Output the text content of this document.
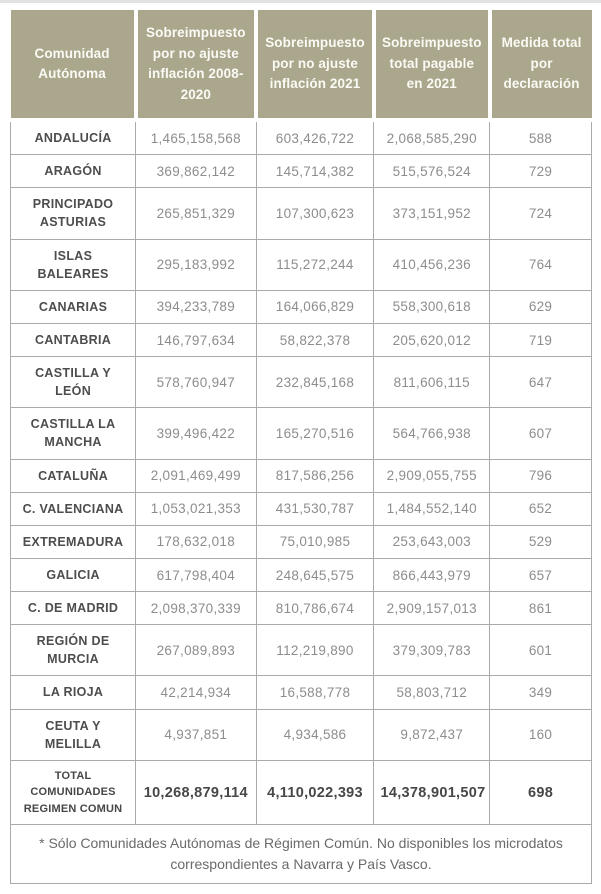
Comunidad Autónoma	Sobreimpuesto por no ajuste inflación 2008-2020	Sobreimpuesto por no ajuste inflación 2021	Sobreimpuesto total pagable en 2021	Medida total por declaración
ANDALUCÍA	1,465,158,568	603,426,722	2,068,585,290	588
ARAGÓN	369,862,142	145,714,382	515,576,524	729
PRINCIPADO ASTURIAS	265,851,329	107,300,623	373,151,952	724
ISLAS BALEARES	295,183,992	115,272,244	410,456,236	764
CANARIAS	394,233,789	164,066,829	558,300,618	629
CANTABRIA	146,797,634	58,822,378	205,620,012	719
CASTILLA Y LEÓN	578,760,947	232,845,168	811,606,115	647
CASTILLA LA MANCHA	399,496,422	165,270,516	564,766,938	607
CATALUÑA	2,091,469,499	817,586,256	2,909,055,755	796
C. VALENCIANA	1,053,021,353	431,530,787	1,484,552,140	652
EXTREMADURA	178,632,018	75,010,985	253,643,003	529
GALICIA	617,798,404	248,645,575	866,443,979	657
C. DE MADRID	2,098,370,339	810,786,674	2,909,157,013	861
REGIÓN DE MURCIA	267,089,893	112,219,890	379,309,783	601
LA RIOJA	42,214,934	16,588,778	58,803,712	349
CEUTA Y MELILLA	4,937,851	4,934,586	9,872,437	160
TOTAL COMUNIDADES REGIMEN COMUN	10,268,879,114	4,110,022,393	14,378,901,507	698
* Sólo Comunidades Autónomas de Régimen Común. No disponibles los microdatos correspondientes a Navarra y País Vasco.				
